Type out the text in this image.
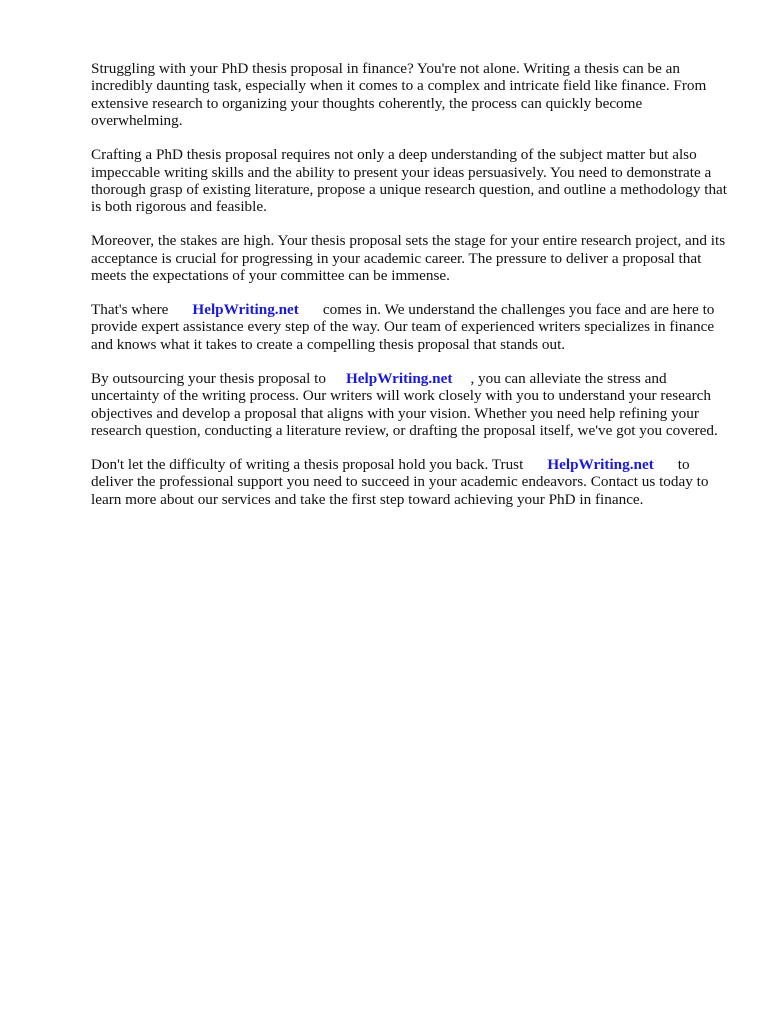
Struggling with your PhD thesis proposal in finance? You're not alone. Writing a thesis can be an incredibly daunting task, especially when it comes to a complex and intricate field like finance. From extensive research to organizing your thoughts coherently, the process can quickly become overwhelming.

Crafting a PhD thesis proposal requires not only a deep understanding of the subject matter but also impeccable writing skills and the ability to present your ideas persuasively. You need to demonstrate a thorough grasp of existing literature, propose a unique research question, and outline a methodology that is both rigorous and feasible.

Moreover, the stakes are high. Your thesis proposal sets the stage for your entire research project, and its acceptance is crucial for progressing in your academic career. The pressure to deliver a proposal that meets the expectations of your committee can be immense.

That's where HelpWriting.net comes in. We understand the challenges you face and are here to provide expert assistance every step of the way. Our team of experienced writers specializes in finance and knows what it takes to create a compelling thesis proposal that stands out.

By outsourcing your thesis proposal to HelpWriting.net , you can alleviate the stress and uncertainty of the writing process. Our writers will work closely with you to understand your research objectives and develop a proposal that aligns with your vision. Whether you need help refining your research question, conducting a literature review, or drafting the proposal itself, we've got you covered.

Don't let the difficulty of writing a thesis proposal hold you back. Trust HelpWriting.net to deliver the professional support you need to succeed in your academic endeavors. Contact us today to learn more about our services and take the first step toward achieving your PhD in finance.
